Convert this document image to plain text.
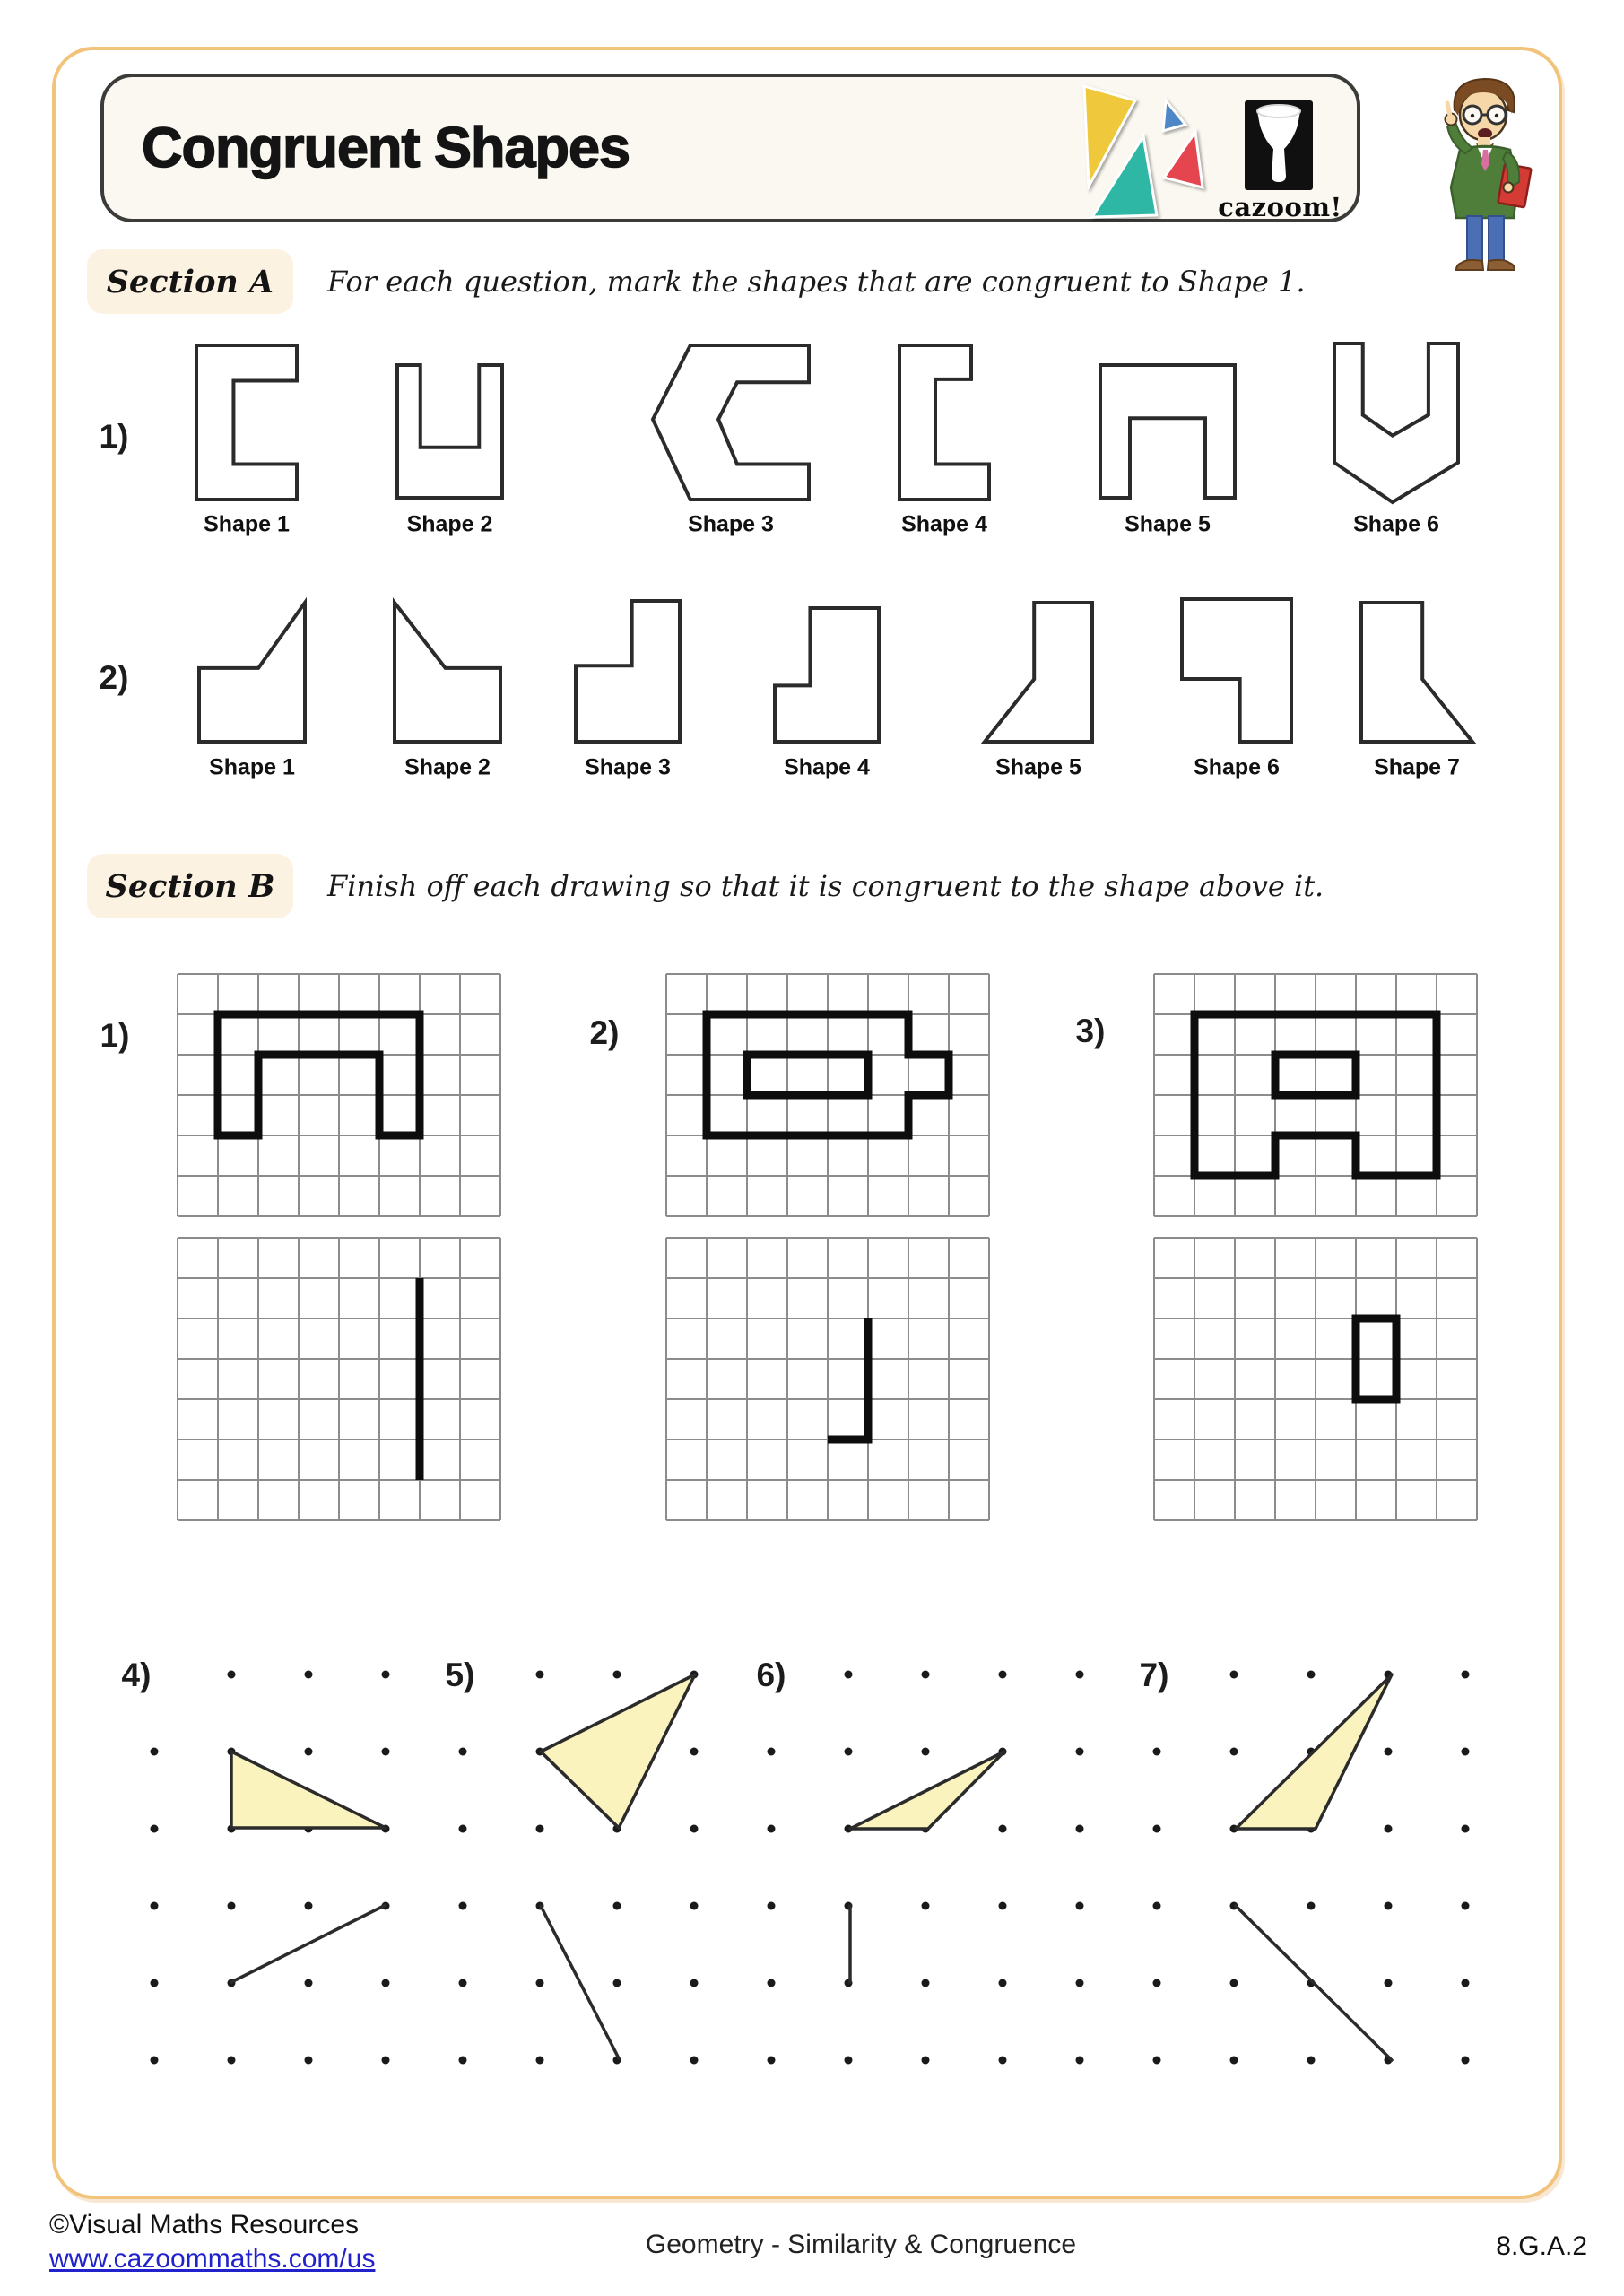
Congruent Shapes
cazoom!
Section A	For each question, mark the shapes that are congruent to Shape 1.
Section B	Finish off each drawing so that it is congruent to the shape above it.
1)
Shape 1	Shape 2	Shape 3	Shape 4	Shape 5	Shape 6
2)
Shape 1	Shape 2	Shape 3	Shape 4	Shape 5	Shape 6	Shape 7
1)	2)	3)
4)	5)	6)	7)
©Visual Maths Resources
www.cazoommaths.com/us	Geometry - Similarity & Congruence	8.G.A.2
